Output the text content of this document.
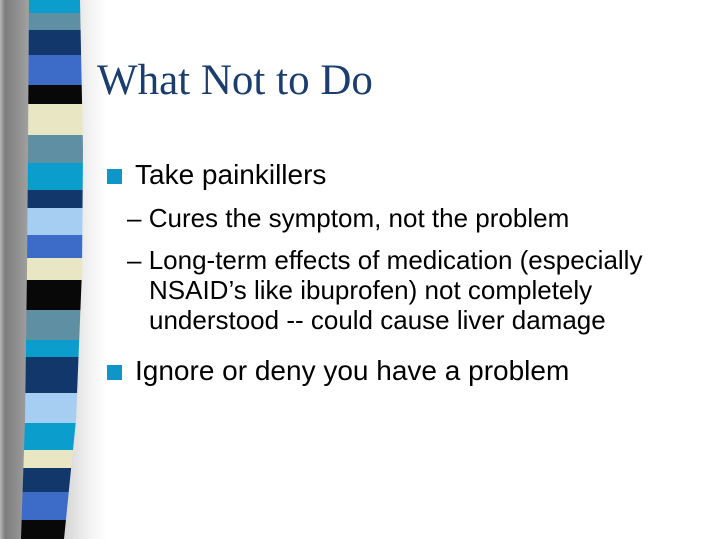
What Not to Do
Take painkillers
– Cures the symptom, not the problem
– Long-term effects of medication (especially NSAID’s like ibuprofen) not completely understood -- could cause liver damage
Ignore or deny you have a problem
